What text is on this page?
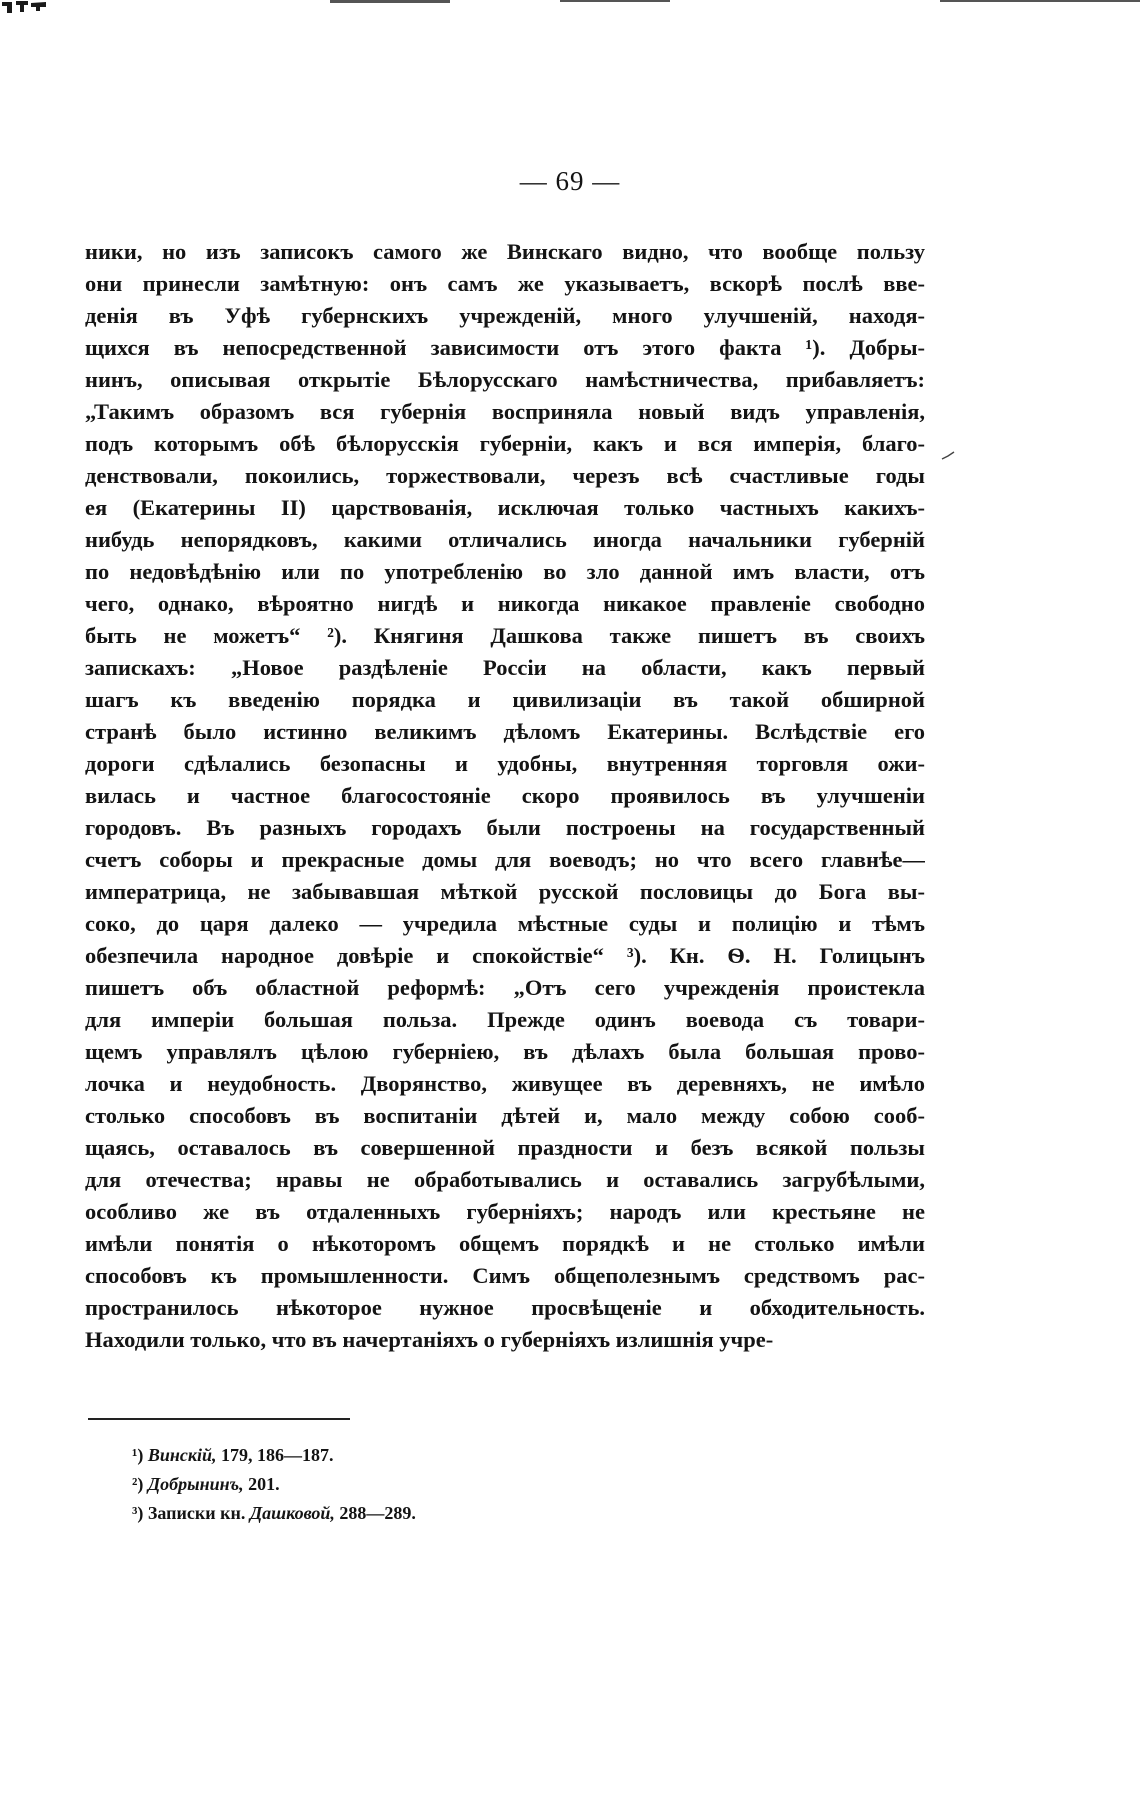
— 69 —
ники, но изъ записокъ самого же Винскаго видно, что вообще пользу
они принесли замѣтную: онъ самъ же указываетъ, вскорѣ послѣ вве-
денія въ Уфѣ губернскихъ учрежденій, много улучшеній, находя-
щихся въ непосредственной зависимости отъ этого факта ¹). Добры-
нинъ, описывая открытіе Бѣлорусскаго намѣстничества, прибавляетъ:
„Такимъ образомъ вся губернія восприняла новый видъ управленія,
подъ которымъ обѣ бѣлорусскія губерніи, какъ и вся имперія, благо-
денствовали, покоились, торжествовали, черезъ всѣ счастливые годы
ея (Екатерины II) царствованія, исключая только частныхъ какихъ-
нибудь непорядковъ, какими отличались иногда начальники губерній
по недовѣдѣнію или по употребленію во зло данной имъ власти, отъ
чего, однако, вѣроятно нигдѣ и никогда никакое правленіе свободно
быть не можетъ“ ²). Княгиня Дашкова также пишетъ въ своихъ
запискахъ: „Новое раздѣленіе Россіи на области, какъ первый
шагъ къ введенію порядка и цивилизаціи въ такой обширной
странѣ было истинно великимъ дѣломъ Екатерины. Вслѣдствіе его
дороги сдѣлались безопасны и удобны, внутренняя торговля ожи-
вилась и частное благосостояніе скоро проявилось въ улучшеніи
городовъ. Въ разныхъ городахъ были построены на государственный
счетъ соборы и прекрасные домы для воеводъ; но что всего главнѣе—
императрица, не забывавшая мѣткой русской пословицы до Бога вы-
соко, до царя далеко — учредила мѣстные суды и полицію и тѣмъ
обезпечила народное довѣріе и спокойствіе“ ³). Кн. Ѳ. Н. Голицынъ
пишетъ объ областной реформѣ: „Отъ сего учрежденія проистекла
для имперіи большая польза. Прежде одинъ воевода съ товари-
щемъ управлялъ цѣлою губерніею, въ дѣлахъ была большая прово-
лочка и неудобность. Дворянство, живущее въ деревняхъ, не имѣло
столько способовъ въ воспитаніи дѣтей и, мало между собою сооб-
щаясь, оставалось въ совершенной праздности и безъ всякой пользы
для отечества; нравы не обработывались и оставались загрубѣлыми,
особливо же въ отдаленныхъ губерніяхъ; народъ или крестьяне не
имѣли понятія о нѣкоторомъ общемъ порядкѣ и не столько имѣли
способовъ къ промышленности. Симъ общеполезнымъ средствомъ рас-
пространилось нѣкоторое нужное просвѣщеніе и обходительность.
Находили только, что въ начертаніяхъ о губерніяхъ излишнія учре-
¹) Винскій, 179, 186—187.
²) Добрынинъ, 201.
³) Записки кн. Дашковой, 288—289.
